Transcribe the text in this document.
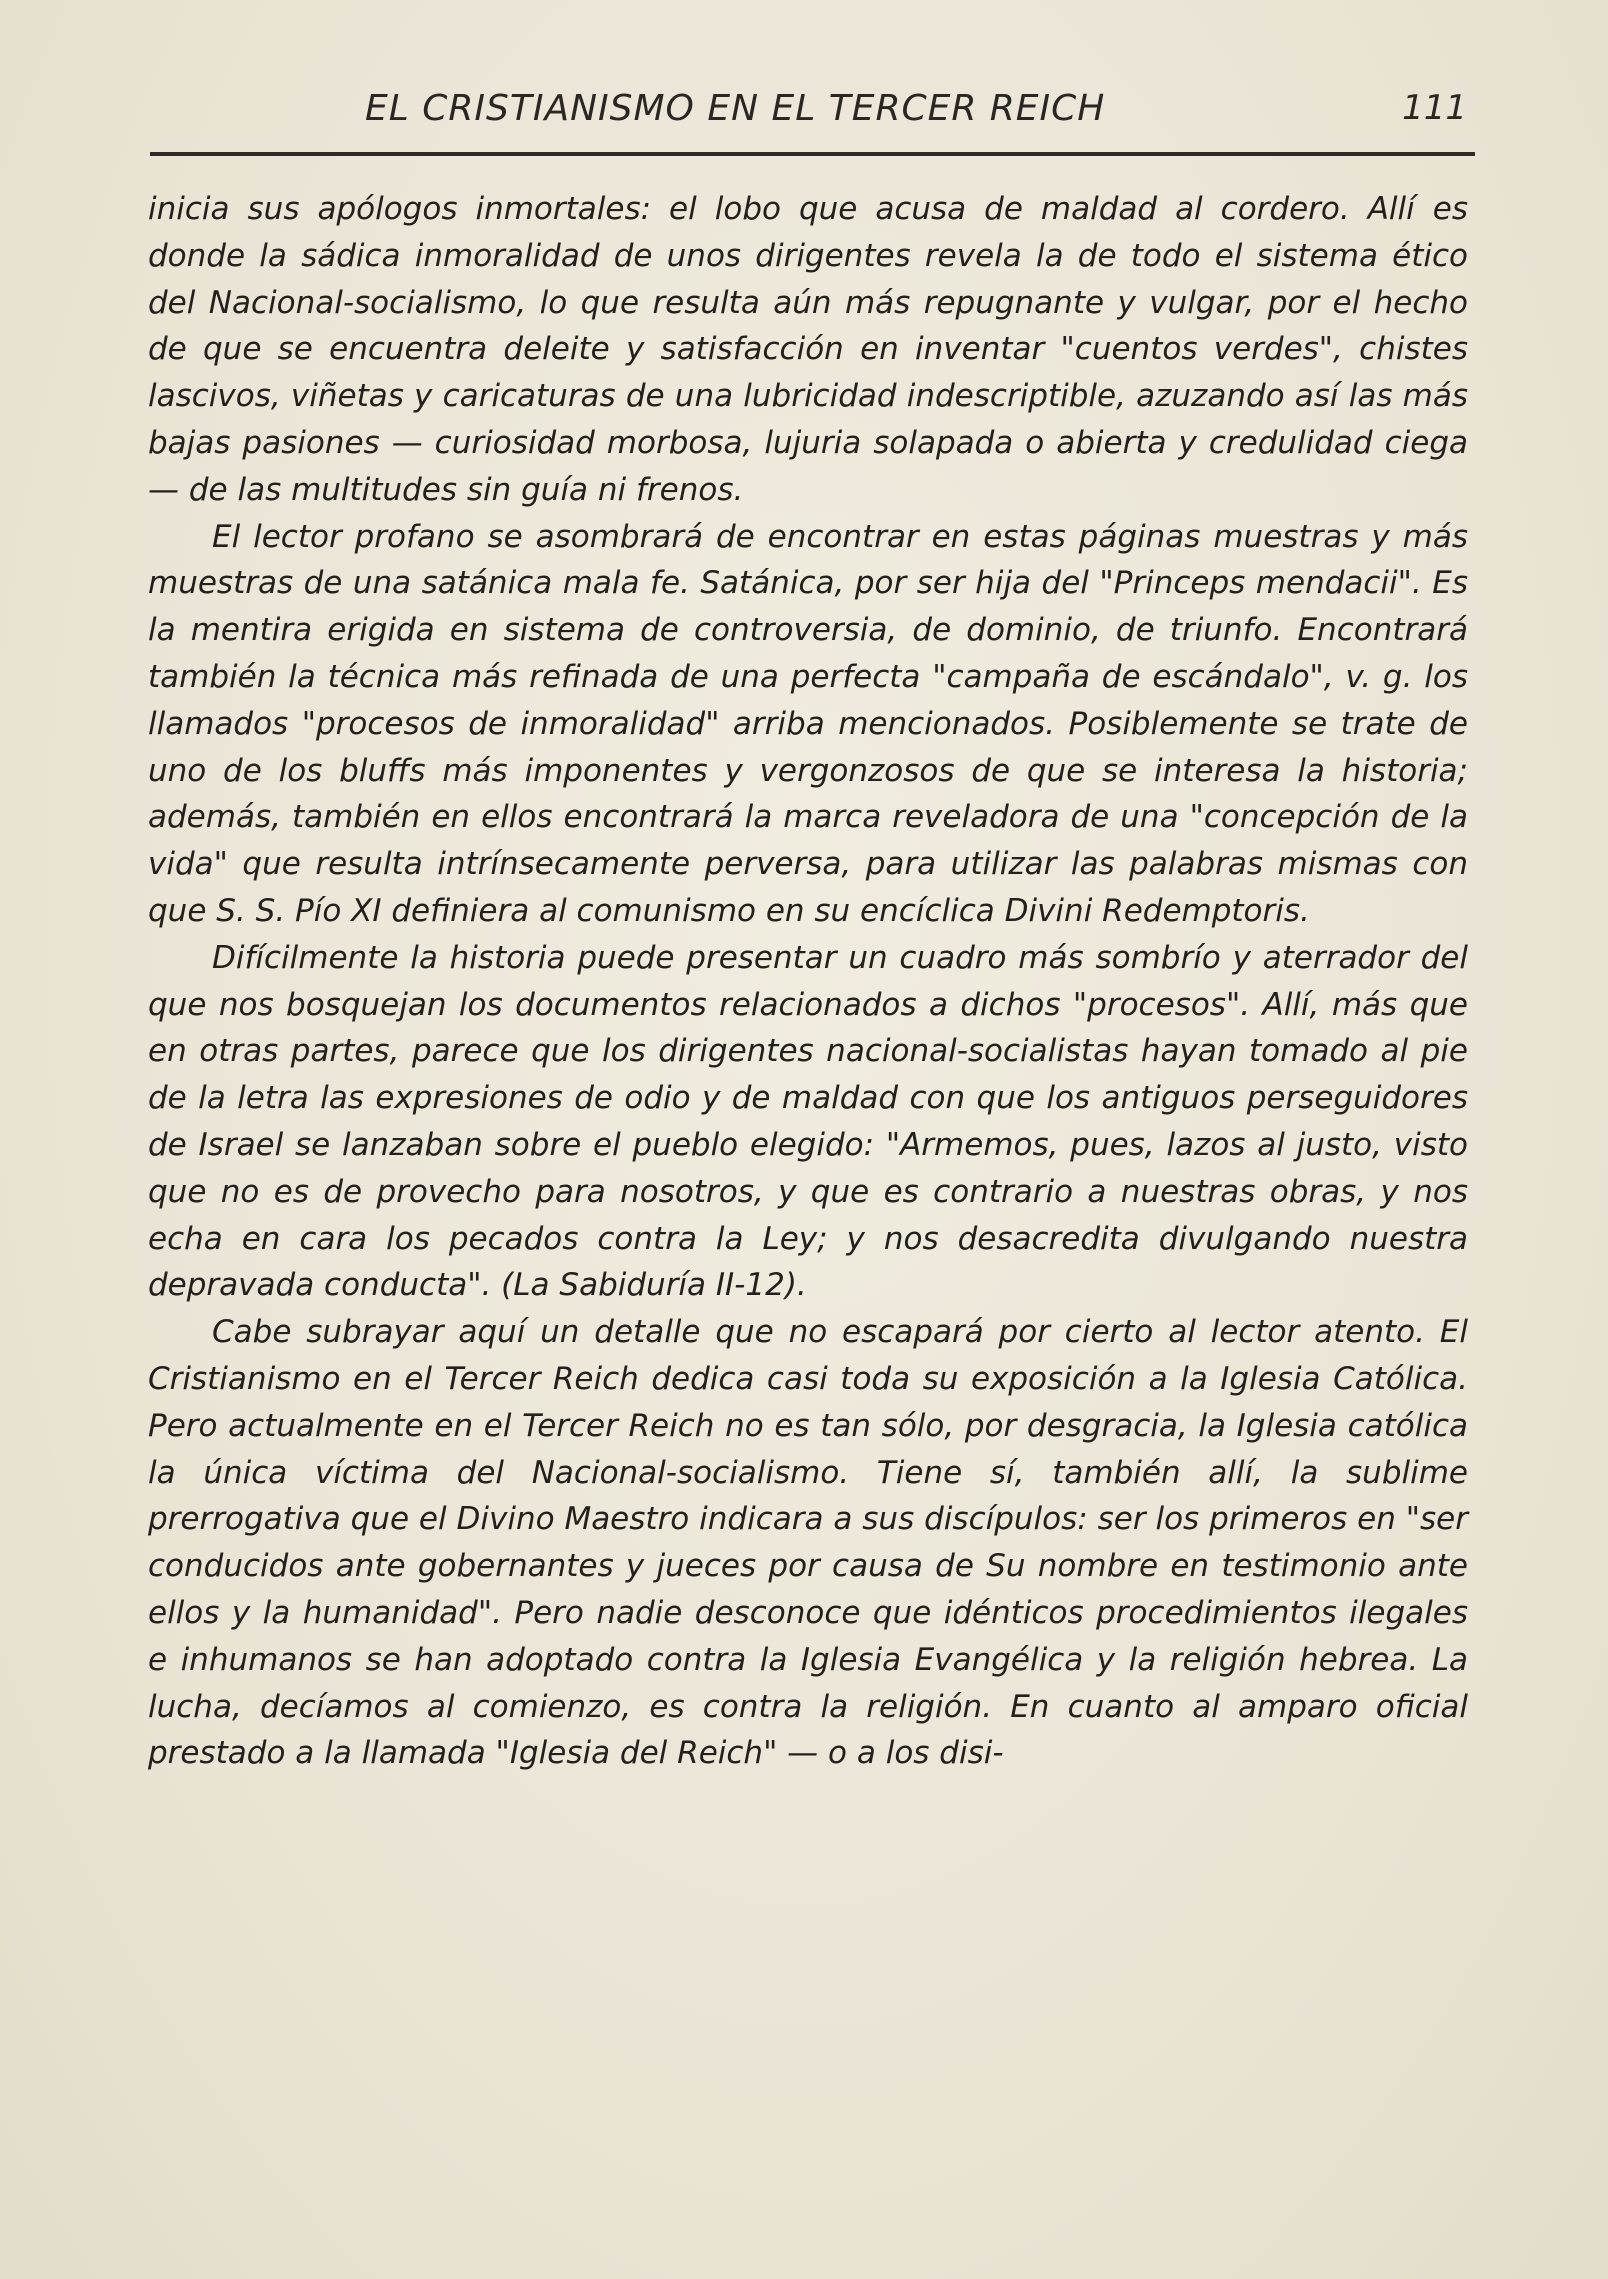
EL CRISTIANISMO EN EL TERCER REICH	111

inicia sus apólogos inmortales: el lobo que acusa de maldad al cordero. Allí es donde la sádica inmoralidad de unos dirigentes revela la de todo el sistema ético del Nacional-socialismo, lo que resulta aún más repugnante y vulgar, por el hecho de que se encuentra deleite y satisfacción en inventar "cuentos verdes", chistes lascivos, viñetas y caricaturas de una lubricidad indescriptible, azuzando así las más bajas pasiones — curiosidad morbosa, lujuria solapada o abierta y credulidad ciega — de las multitudes sin guía ni frenos.

El lector profano se asombrará de encontrar en estas páginas muestras y más muestras de una satánica mala fe. Satánica, por ser hija del "Princeps mendacii". Es la mentira erigida en sistema de controversia, de dominio, de triunfo. Encontrará también la técnica más refinada de una perfecta "campaña de escándalo", v. g. los llamados "procesos de inmoralidad" arriba mencionados. Posiblemente se trate de uno de los bluffs más imponentes y vergonzosos de que se interesa la historia; además, también en ellos encontrará la marca reveladora de una "concepción de la vida" que resulta intrínsecamente perversa, para utilizar las palabras mismas con que S. S. Pío XI definiera al comunismo en su encíclica Divini Redemptoris.

Difícilmente la historia puede presentar un cuadro más sombrío y aterrador del que nos bosquejan los documentos relacionados a dichos "procesos". Allí, más que en otras partes, parece que los dirigentes nacional-socialistas hayan tomado al pie de la letra las expresiones de odio y de maldad con que los antiguos perseguidores de Israel se lanzaban sobre el pueblo elegido: "Armemos, pues, lazos al justo, visto que no es de provecho para nosotros, y que es contrario a nuestras obras, y nos echa en cara los pecados contra la Ley; y nos desacredita divulgando nuestra depravada conducta". (La Sabiduría II-12).

Cabe subrayar aquí un detalle que no escapará por cierto al lector atento. El Cristianismo en el Tercer Reich dedica casi toda su exposición a la Iglesia Católica. Pero actualmente en el Tercer Reich no es tan sólo, por desgracia, la Iglesia católica la única víctima del Nacional-socialismo. Tiene sí, también allí, la sublime prerrogativa que el Divino Maestro indicara a sus discípulos: ser los primeros en "ser conducidos ante gobernantes y jueces por causa de Su nombre en testimonio ante ellos y la humanidad". Pero nadie desconoce que idénticos procedimientos ilegales e inhumanos se han adoptado contra la Iglesia Evangélica y la religión hebrea. La lucha, decíamos al comienzo, es contra la religión. En cuanto al amparo oficial prestado a la llamada "Iglesia del Reich" — o a los disi-
